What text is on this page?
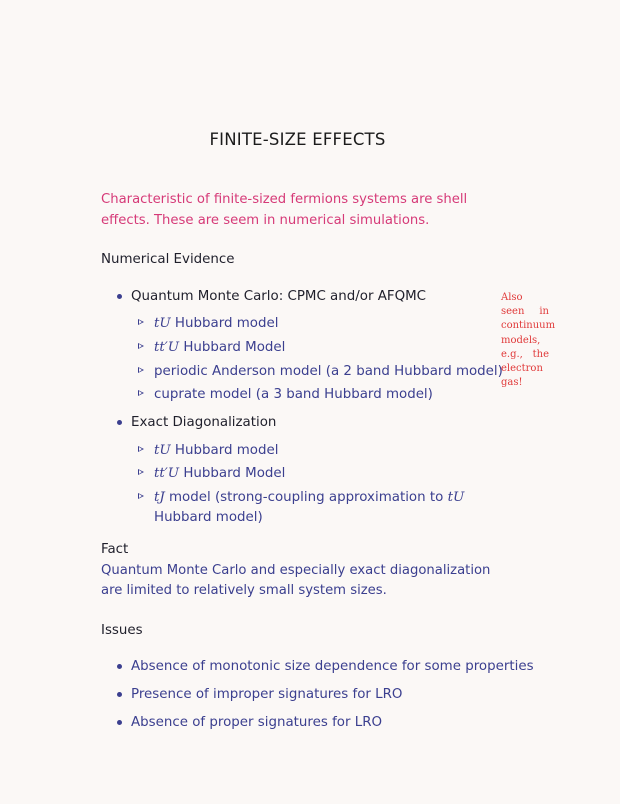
FINITE-SIZE EFFECTS
Characteristic of finite-sized fermions systems are shell effects. These are seem in numerical simulations.
Numerical Evidence
Quantum Monte Carlo: CPMC and/or AFQMC
tU Hubbard model
tt′U Hubbard Model
periodic Anderson model (a 2 band Hubbard model)
cuprate model (a 3 band Hubbard model)
Exact Diagonalization
tU Hubbard model
tt′U Hubbard Model
tJ model (strong-coupling approximation to tU Hubbard model)
Also seen in continuum models, e.g., the electron gas!
Fact
Quantum Monte Carlo and especially exact diagonalization are limited to relatively small system sizes.
Issues
Absence of monotonic size dependence for some properties
Presence of improper signatures for LRO
Absence of proper signatures for LRO
